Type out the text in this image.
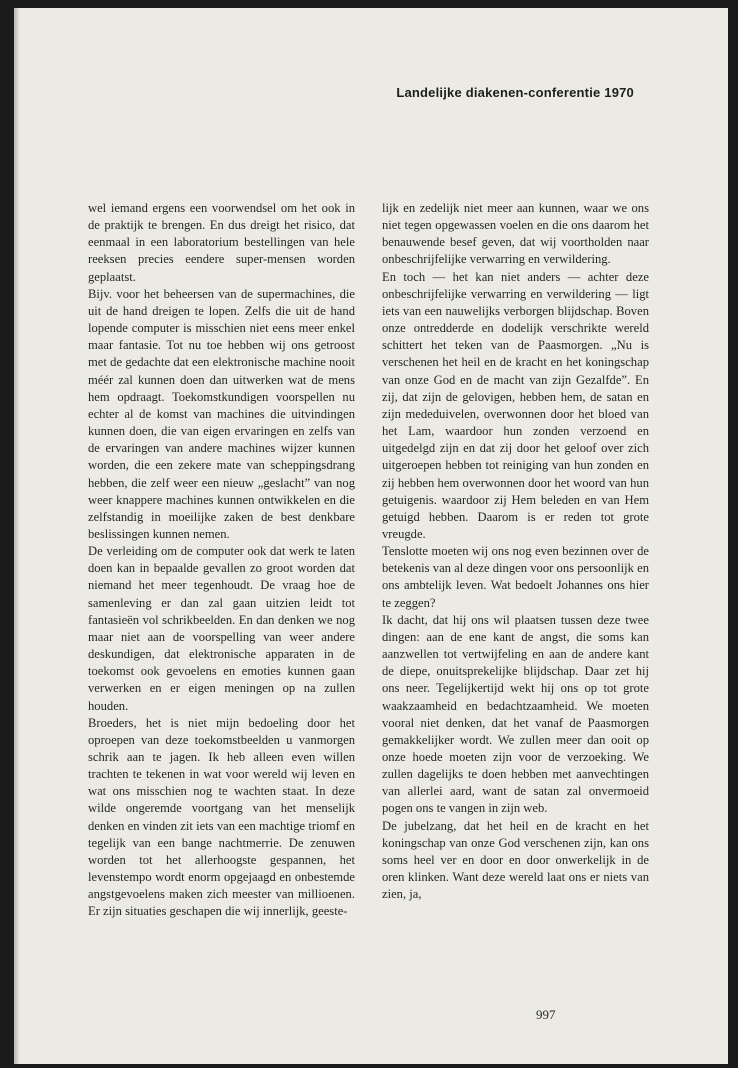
Landelijke diakenen-conferentie 1970

wel iemand ergens een voorwendsel om het ook in de praktijk te brengen. En dus dreigt het risico, dat eenmaal in een laboratorium bestellingen van hele reeksen precies eendere super-mensen worden geplaatst.

Bijv. voor het beheersen van de supermachines, die uit de hand dreigen te lopen. Zelfs die uit de hand lopende computer is misschien niet eens meer enkel maar fantasie. Tot nu toe hebben wij ons getroost met de gedachte dat een elektronische machine nooit méér zal kunnen doen dan uitwerken wat de mens hem opdraagt. Toekomstkundigen voorspellen nu echter al de komst van machines die uitvindingen kunnen doen, die van eigen ervaringen en zelfs van de ervaringen van andere machines wijzer kunnen worden, die een zekere mate van scheppingsdrang hebben, die zelf weer een nieuw „geslacht” van nog weer knappere machines kunnen ontwikkelen en die zelfstandig in moeilijke zaken de best denkbare beslissingen kunnen nemen.

De verleiding om de computer ook dat werk te laten doen kan in bepaalde gevallen zo groot worden dat niemand het meer tegenhoudt. De vraag hoe de samenleving er dan zal gaan uitzien leidt tot fantasieën vol schrikbeelden. En dan denken we nog maar niet aan de voorspelling van weer andere deskundigen, dat elektronische apparaten in de toekomst ook gevoelens en emoties kunnen gaan verwerken en er eigen meningen op na zullen houden.

Broeders, het is niet mijn bedoeling door het oproepen van deze toekomstbeelden u vanmorgen schrik aan te jagen. Ik heb alleen even willen trachten te tekenen in wat voor wereld wij leven en wat ons misschien nog te wachten staat. In deze wilde ongeremde voortgang van het menselijk denken en vinden zit iets van een machtige triomf en tegelijk van een bange nachtmerrie. De zenuwen worden tot het allerhoogste gespannen, het levenstempo wordt enorm opgejaagd en onbestemde angstgevoelens maken zich meester van millioenen. Er zijn situaties geschapen die wij innerlijk, geeste-

lijk en zedelijk niet meer aan kunnen, waar we ons niet tegen opgewassen voelen en die ons daarom het benauwende besef geven, dat wij voortholden naar onbeschrijfelijke verwarring en verwildering.

En toch — het kan niet anders — achter deze onbeschrijfelijke verwarring en verwildering — ligt iets van een nauwelijks verborgen blijdschap. Boven onze ontredderde en dodelijk verschrikte wereld schittert het teken van de Paasmorgen. „Nu is verschenen het heil en de kracht en het koningschap van onze God en de macht van zijn Gezalfde”. En zij, dat zijn de gelovigen, hebben hem, de satan en zijn mededuivelen, overwonnen door het bloed van het Lam, waardoor hun zonden verzoend en uitgedelgd zijn en dat zij door het geloof over zich uitgeroepen hebben tot reiniging van hun zonden en zij hebben hem overwonnen door het woord van hun getuigenis. waardoor zij Hem beleden en van Hem getuigd hebben. Daarom is er reden tot grote vreugde.

Tenslotte moeten wij ons nog even bezinnen over de betekenis van al deze dingen voor ons persoonlijk en ons ambtelijk leven. Wat bedoelt Johannes ons hier te zeggen?

Ik dacht, dat hij ons wil plaatsen tussen deze twee dingen: aan de ene kant de angst, die soms kan aanzwellen tot vertwijfeling en aan de andere kant de diepe, onuitsprekelijke blijdschap. Daar zet hij ons neer. Tegelijkertijd wekt hij ons op tot grote waakzaamheid en bedachtzaamheid. We moeten vooral niet denken, dat het vanaf de Paasmorgen gemakkelijker wordt. We zullen meer dan ooit op onze hoede moeten zijn voor de verzoeking. We zullen dagelijks te doen hebben met aanvechtingen van allerlei aard, want de satan zal onvermoeid pogen ons te vangen in zijn web.

De jubelzang, dat het heil en de kracht en het koningschap van onze God verschenen zijn, kan ons soms heel ver en door en door onwerkelijk in de oren klinken. Want deze wereld laat ons er niets van zien, ja,

997
